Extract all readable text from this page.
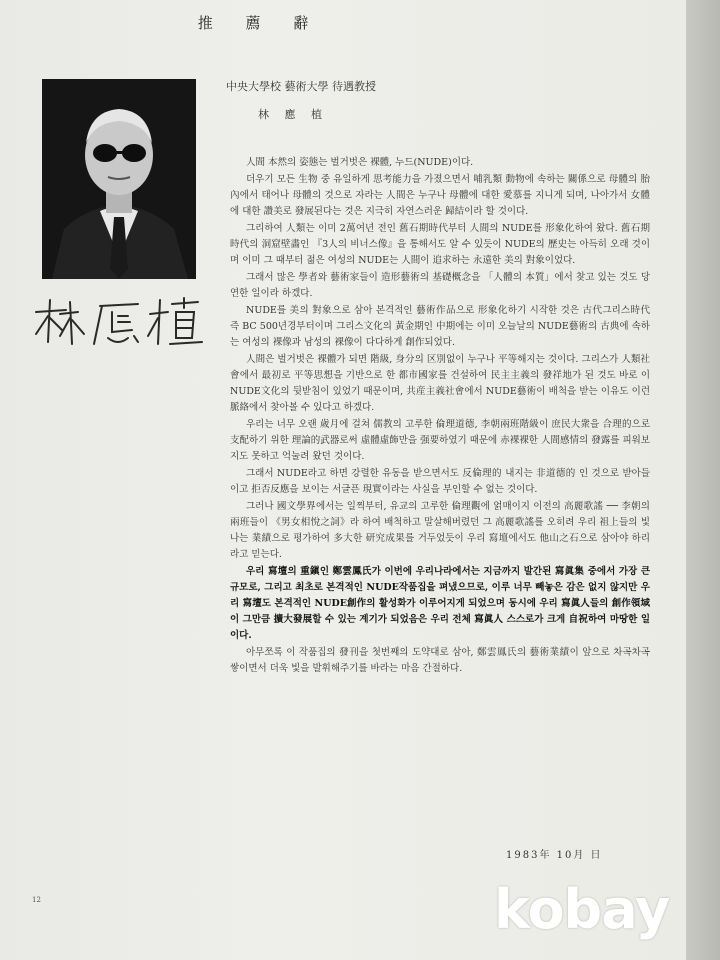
推 薦 辭
中央大學校 藝術大學 待遇教授
林 應 植

人間 本然의 姿態는 벌거벗은 裸體, 누드(NUDE)이다.

더우기 모든 生物 중 유일하게 思考能力을 가졌으면서 哺乳類 動物에 속하는 關係으로 母體의 胎內에서 태어나 母體의 것으로 자라는 人間은 누구나 母體에 대한 愛慕를 지니게 되며, 나아가서 女體에 대한 讚美로 發展된다는 것은 지극히 자연스러운 歸結이라 할 것이다.

그리하여 人類는 이미 2萬여년 전인 舊石期時代부터 人間의 NUDE를 形象化하여 왔다. 舊石期時代의 洞窟壁畵인 『3人의 비너스像』을 통해서도 알 수 있듯이 NUDE의 歷史는 아득히 오래 것이며 이미 그 때부터 젊은 여성의 NUDE는 人間이 追求하는 永遠한 美의 對象이었다.

그래서 많은 學者와 藝術家들이 造形藝術의 基礎概念을 「人體의 本質」에서 찾고 있는 것도 당연한 일이라 하겠다.

NUDE를 美의 對象으로 삼아 본격적인 藝術作品으로 形象化하기 시작한 것은 古代그리스時代 즉 BC 500년경부터이며 그리스文化의 黃金期인 中期에는 이미 오늘날의 NUDE藝術의 古典에 속하는 여성의 裸像과 남성의 裸像이 다다하게 創作되었다.

人間은 벌거벗은 裸體가 되면 階級, 身分의 区別없이 누구나 平等해지는 것이다. 그리스가 人類社會에서 最初로 平等思想을 기반으로 한 都市國家를 건설하여 民主主義의 發祥地가 된 것도 바로 이 NUDE文化의 뒷받침이 있었기 때문이며, 共産主義社會에서 NUDE藝術이 배척을 받는 이유도 이런 脈絡에서 찾아볼 수 있다고 하겠다.

우리는 너무 오랜 歲月에 걸쳐 儒教의 고루한 倫理道德, 李朝兩班階級이 庶民大衆을 合理的으로 支配하기 위한 理論的武器로써 虛體虛飾만을 强要하였기 때문에 赤裸裸한 人間感情의 發露를 피워보지도 못하고 억눌려 왔던 것이다.

그래서 NUDE라고 하면 강렬한 유동을 받으면서도 反倫理的 내지는 非道德的 인 것으로 받아들이고 拒否反應을 보이는 서글픈 現實이라는 사실을 부인할 수 없는 것이다.

그러나 國文學界에서는 일찍부터, 유교의 고루한 倫理觀에 얽매이지 이전의 高麗歌謠 ── 李朝의 兩班들이 《男女相悅之詞》라 하여 배척하고 말살해버렸던 그 高麗歌謠를 오히려 우리 祖上들의 빛나는 業績으로 평가하여 多大한 研究成果를 거두었듯이 우리 寫壇에서도 他山之石으로 삼아야 하리라고 믿는다.

우리 寫壇의 重鎭인 鄭雲鳳氏가 이번에 우리나라에서는 지금까지 발간된 寫眞集 중에서 가장 큰 규모로, 그리고 최초로 본격적인 NUDE작품집을 펴냈으므로, 이루 너무 빼놓은 감은 없지 않지만 우리 寫壇도 본격적인 NUDE創作의 활성화가 이루어지게 되었으며 동시에 우리 寫眞人들의 創作領域이 그만큼 擴大發展할 수 있는 계기가 되었음은 우리 전체 寫眞人 스스로가 크게 自祝하여 마땅한 일이다.

아무쪼록 이 작품집의 發刊을 첫번째의 도약대로 삼아, 鄭雲鳳氏의 藝術業績이 앞으로 차곡차곡 쌓이면서 더욱 빛을 발휘해주기를 바라는 마음 간절하다.

1983年 10月 日
12	kobay
